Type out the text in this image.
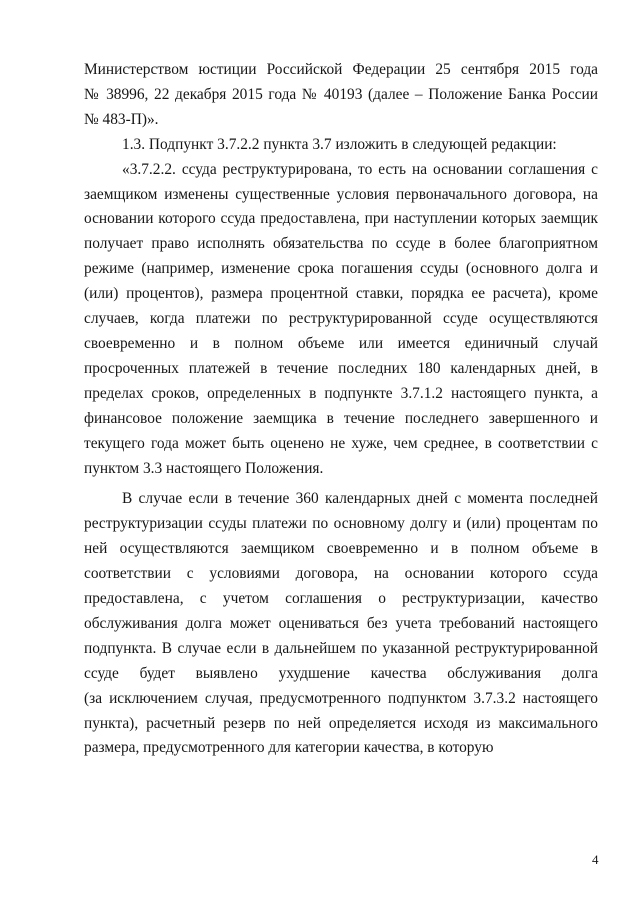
Министерством юстиции Российской Федерации 25 сентября 2015 года
№ 38996, 22 декабря 2015 года № 40193 (далее – Положение Банка России
№ 483-П)».
1.3. Подпункт 3.7.2.2 пункта 3.7 изложить в следующей редакции:
«3.7.2.2. ссуда реструктурирована, то есть на основании соглашения с
заемщиком изменены существенные условия первоначального договора, на
основании которого ссуда предоставлена, при наступлении которых заемщик
получает право исполнять обязательства по ссуде в более благоприятном
режиме (например, изменение срока погашения ссуды (основного долга и
(или) процентов), размера процентной ставки, порядка ее расчета), кроме
случаев, когда платежи по реструктурированной ссуде осуществляются
своевременно и в полном объеме или имеется единичный случай
просроченных платежей в течение последних 180 календарных дней, в
пределах сроков, определенных в подпункте 3.7.1.2 настоящего пункта, а
финансовое положение заемщика в течение последнего завершенного и
текущего года может быть оценено не хуже, чем среднее, в соответствии с
пунктом 3.3 настоящего Положения.
В случае если в течение 360 календарных дней с момента последней
реструктуризации ссуды платежи по основному долгу и (или) процентам по
ней осуществляются заемщиком своевременно и в полном объеме в
соответствии с условиями договора, на основании которого ссуда
предоставлена, с учетом соглашения о реструктуризации, качество
обслуживания долга может оцениваться без учета требований настоящего
подпункта. В случае если в дальнейшем по указанной реструктурированной
ссуде будет выявлено ухудшение качества обслуживания долга
(за исключением случая, предусмотренного подпунктом 3.7.3.2 настоящего
пункта), расчетный резерв по ней определяется исходя из максимального
размера, предусмотренного для категории качества, в которую
4
